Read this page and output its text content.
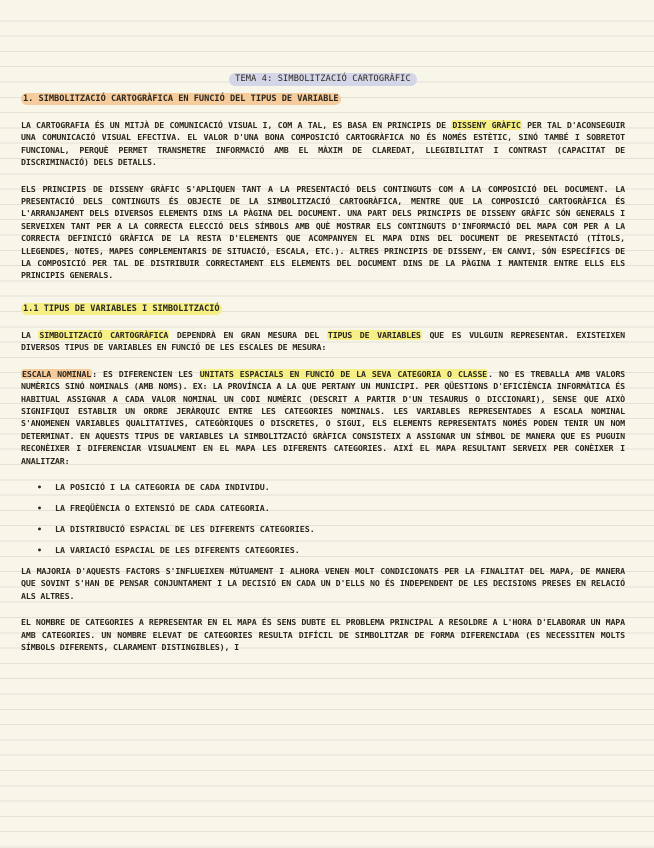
TEMA 4: SIMBOLITZACIÓ CARTOGRÀFIC
1. SIMBOLITZACIÓ CARTOGRÀFICA EN FUNCIÓ DEL TIPUS DE VARIABLE

LA CARTOGRAFIA ÉS UN MITJÀ DE COMUNICACIÓ VISUAL I, COM A TAL, ES BASA EN PRINCIPIS DE DISSENY GRÀFIC PER TAL D'ACONSEGUIR UNA COMUNICACIÓ VISUAL EFECTIVA. EL VALOR D'UNA BONA COMPOSICIÓ CARTOGRÀFICA NO ÉS NOMÉS ESTÈTIC, SINÓ TAMBÉ I SOBRETOT FUNCIONAL, PERQUÈ PERMET TRANSMETRE INFORMACIÓ AMB EL MÀXIM DE CLAREDAT, LLEGIBILITAT I CONTRAST (CAPACITAT DE DISCRIMINACIÓ) DELS DETALLS.

ELS PRINCIPIS DE DISSENY GRÀFIC S'APLIQUEN TANT A LA PRESENTACIÓ DELS CONTINGUTS COM A LA COMPOSICIÓ DEL DOCUMENT. LA PRESENTACIÓ DELS CONTINGUTS ÉS OBJECTE DE LA SIMBOLITZACIÓ CARTOGRÀFICA, MENTRE QUE LA COMPOSICIÓ CARTOGRÀFICA ÉS L'ARRANJAMENT DELS DIVERSOS ELEMENTS DINS LA PÀGINA DEL DOCUMENT. UNA PART DELS PRINCIPIS DE DISSENY GRÀFIC SÓN GENERALS I SERVEIXEN TANT PER A LA CORRECTA ELECCIÓ DELS SÍMBOLS AMB QUÈ MOSTRAR ELS CONTINGUTS D'INFORMACIÓ DEL MAPA COM PER A LA CORRECTA DEFINICIÓ GRÀFICA DE LA RESTA D'ELEMENTS QUE ACOMPANYEN EL MAPA DINS DEL DOCUMENT DE PRESENTACIÓ (TÍTOLS, LLEGENDES, NOTES, MAPES COMPLEMENTARIS DE SITUACIÓ, ESCALA, ETC.). ALTRES PRINCIPIS DE DISSENY, EN CANVI, SÓN ESPECÍFICS DE LA COMPOSICIÓ PER TAL DE DISTRIBUIR CORRECTAMENT ELS ELEMENTS DEL DOCUMENT DINS DE LA PÀGINA I MANTENIR ENTRE ELLS ELS PRINCIPIS GENERALS.

1.1 TIPUS DE VARIABLES I SIMBOLITZACIÓ

LA SIMBOLITZACIÓ CARTOGRÀFICA DEPENDRÀ EN GRAN MESURA DEL TIPUS DE VARIABLES QUE ES VULGUIN REPRESENTAR. EXISTEIXEN DIVERSOS TIPUS DE VARIABLES EN FUNCIÓ DE LES ESCALES DE MESURA:

ESCALA NOMINAL: ES DIFERENCIEN LES UNITATS ESPACIALS EN FUNCIÓ DE LA SEVA CATEGORIA O CLASSE. NO ES TREBALLA AMB VALORS NUMÈRICS SINÓ NOMINALS (AMB NOMS). EX: LA PROVÍNCIA A LA QUE PERTANY UN MUNICIPI. PER QÜESTIONS D'EFICIÈNCIA INFORMÀTICA ÉS HABITUAL ASSIGNAR A CADA VALOR NOMINAL UN CODI NUMÈRIC (DESCRIT A PARTIR D'UN TESAURUS O DICCIONARI), SENSE QUE AIXÒ SIGNIFIQUI ESTABLIR UN ORDRE JERÀRQUIC ENTRE LES CATEGORIES NOMINALS. LES VARIABLES REPRESENTADES A ESCALA NOMINAL S'ANOMENEN VARIABLES QUALITATIVES, CATEGÒRIQUES O DISCRETES, O SIGUI, ELS ELEMENTS REPRESENTATS NOMÉS PODEN TENIR UN NOM DETERMINAT. EN AQUESTS TIPUS DE VARIABLES LA SIMBOLITZACIÓ GRÀFICA CONSISTEIX A ASSIGNAR UN SÍMBOL DE MANERA QUE ES PUGUIN RECONÈIXER I DIFERENCIAR VISUALMENT EN EL MAPA LES DIFERENTS CATEGORIES. AIXÍ EL MAPA RESULTANT SERVEIX PER CONÈIXER I ANALITZAR:

• LA POSICIÓ I LA CATEGORIA DE CADA INDIVIDU.
• LA FREQÜÈNCIA O EXTENSIÓ DE CADA CATEGORIA.
• LA DISTRIBUCIÓ ESPACIAL DE LES DIFERENTS CATEGORIES.
• LA VARIACIÓ ESPACIAL DE LES DIFERENTS CATEGORIES.

LA MAJORIA D'AQUESTS FACTORS S'INFLUEIXEN MÚTUAMENT I ALHORA VENEN MOLT CONDICIONATS PER LA FINALITAT DEL MAPA, DE MANERA QUE SOVINT S'HAN DE PENSAR CONJUNTAMENT I LA DECISIÓ EN CADA UN D'ELLS NO ÉS INDEPENDENT DE LES DECISIONS PRESES EN RELACIÓ ALS ALTRES.

EL NOMBRE DE CATEGORIES A REPRESENTAR EN EL MAPA ÉS SENS DUBTE EL PROBLEMA PRINCIPAL A RESOLDRE A L'HORA D'ELABORAR UN MAPA AMB CATEGORIES. UN NOMBRE ELEVAT DE CATEGORIES RESULTA DIFÍCIL DE SIMBOLITZAR DE FORMA DIFERENCIADA (ES NECESSITEN MOLTS SÍMBOLS DIFERENTS, CLARAMENT DISTINGIBLES), I
